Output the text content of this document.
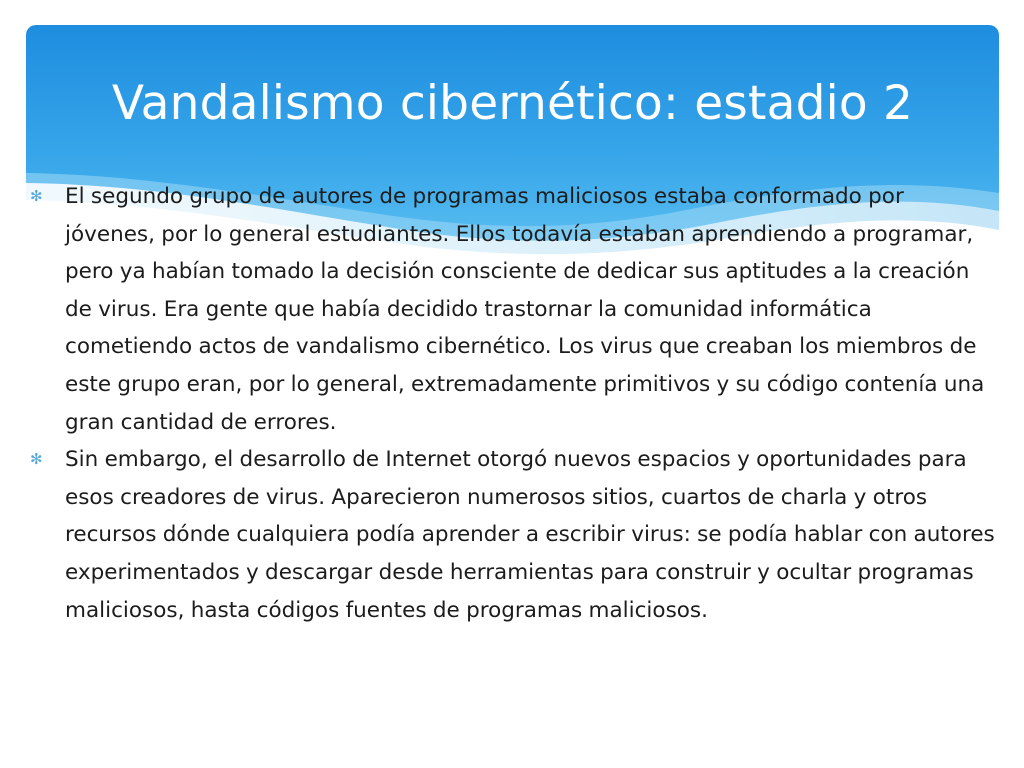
Vandalismo cibernético: estadio 2
✻ El segundo grupo de autores de programas maliciosos estaba conformado por jóvenes, por lo general estudiantes. Ellos todavía estaban aprendiendo a programar, pero ya habían tomado la decisión consciente de dedicar sus aptitudes a la creación de virus. Era gente que había decidido trastornar la comunidad informática cometiendo actos de vandalismo cibernético. Los virus que creaban los miembros de este grupo eran, por lo general, extremadamente primitivos y su código contenía una gran cantidad de errores.
✻ Sin embargo, el desarrollo de Internet otorgó nuevos espacios y oportunidades para esos creadores de virus. Aparecieron numerosos sitios, cuartos de charla y otros recursos dónde cualquiera podía aprender a escribir virus: se podía hablar con autores experimentados y descargar desde herramientas para construir y ocultar programas maliciosos, hasta códigos fuentes de programas maliciosos.
